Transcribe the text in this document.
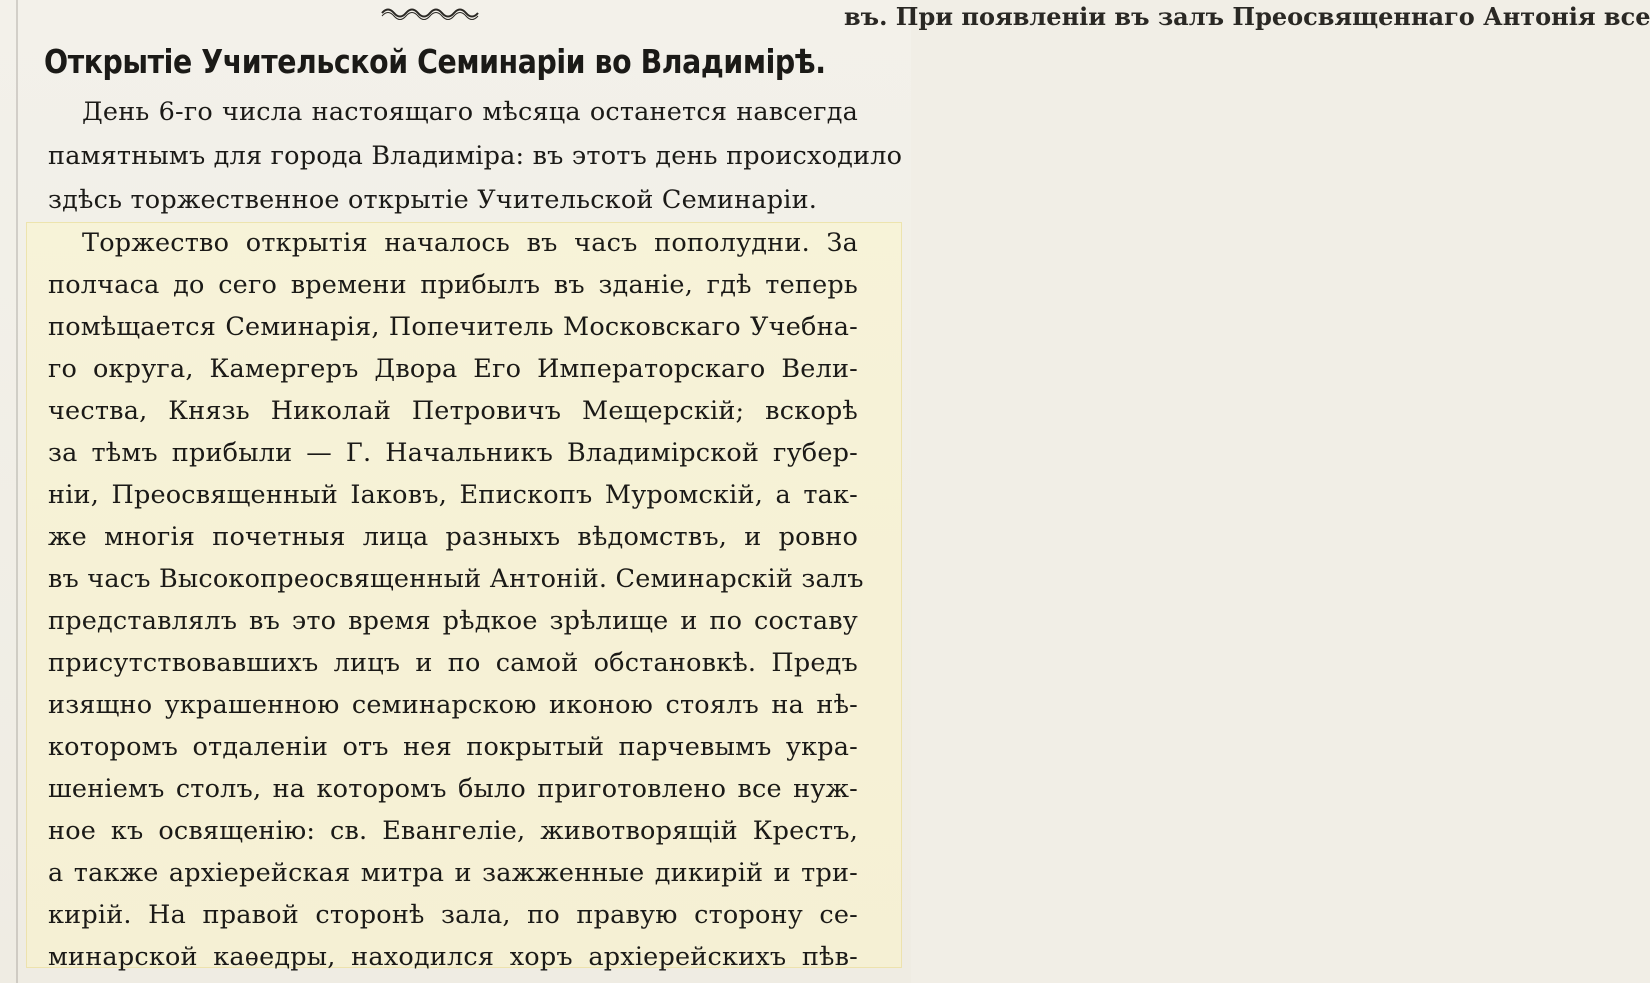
въ. При появленіи въ залъ Преосвященнаго Антонія все
Открытіе Учительской Семинаріи во Владимірѣ.
День 6-го числа настоящаго мѣсяца останется навсегда
памятнымъ для города Владиміра: въ этотъ день происходило
здѣсь торжественное открытіе Учительской Семинаріи.
Торжество открытія началось въ часъ пополудни. За
полчаса до сего времени прибылъ въ зданіе, гдѣ теперь
помѣщается Семинарія, Попечитель Московскаго Учебна-
го округа, Камергеръ Двора Его Императорскаго Вели-
чества, Князь Николай Петровичъ Мещерскій; вскорѣ
за тѣмъ прибыли — Г. Начальникъ Владимірской губер-
ніи, Преосвященный Іаковъ, Епископъ Муромскій, а так-
же многія почетныя лица разныхъ вѣдомствъ, и ровно
въ часъ Высокопреосвященный Антоній. Семинарскій залъ
представлялъ въ это время рѣдкое зрѣлище и по составу
присутствовавшихъ лицъ и по самой обстановкѣ. Предъ
изящно украшенною семинарскою иконою стоялъ на нѣ-
которомъ отдаленіи отъ нея покрытый парчевымъ укра-
шеніемъ столъ, на которомъ было приготовлено все нуж-
ное къ освященію: св. Евангеліе, животворящій Крестъ,
а также архіерейская митра и зажженные дикирій и три-
кирій. На правой сторонѣ зала, по правую сторону се-
минарской каѳедры, находился хоръ архіерейскихъ пѣв-
